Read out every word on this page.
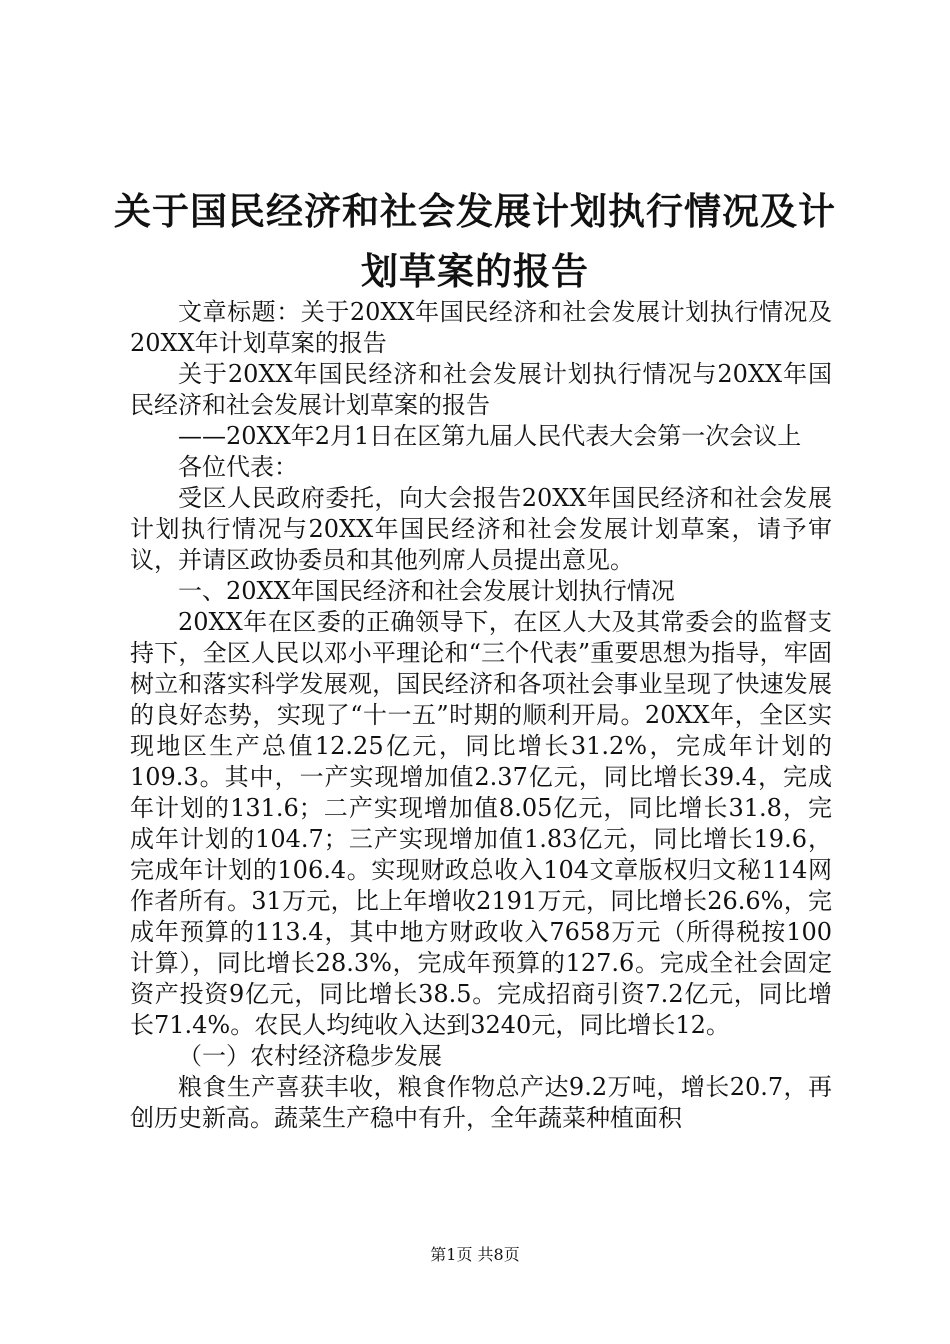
关于国民经济和社会发展计划执行情况及计划草案的报告

文章标题：关于20XX年国民经济和社会发展计划执行情况及20XX年计划草案的报告

关于20XX年国民经济和社会发展计划执行情况与20XX年国民经济和社会发展计划草案的报告

——20XX年2月1日在区第九届人民代表大会第一次会议上

各位代表：

受区人民政府委托，向大会报告20XX年国民经济和社会发展计划执行情况与20XX年国民经济和社会发展计划草案，请予审议，并请区政协委员和其他列席人员提出意见。

一、20XX年国民经济和社会发展计划执行情况

20XX年在区委的正确领导下，在区人大及其常委会的监督支持下，全区人民以邓小平理论和“三个代表”重要思想为指导，牢固树立和落实科学发展观，国民经济和各项社会事业呈现了快速发展的良好态势，实现了“十一五”时期的顺利开局。20XX年，全区实现地区生产总值12.25亿元，同比增长31.2%，完成年计划的109.3。其中，一产实现增加值2.37亿元，同比增长39.4，完成年计划的131.6；二产实现增加值8.05亿元，同比增长31.8，完成年计划的104.7；三产实现增加值1.83亿元，同比增长19.6，完成年计划的106.4。实现财政总收入104文章版权归文秘114网作者所有。31万元，比上年增收2191万元，同比增长26.6%，完成年预算的113.4，其中地方财政收入7658万元（所得税按100计算），同比增长28.3%，完成年预算的127.6。完成全社会固定资产投资9亿元，同比增长38.5。完成招商引资7.2亿元，同比增长71.4%。农民人均纯收入达到3240元，同比增长12。

（一）农村经济稳步发展

粮食生产喜获丰收，粮食作物总产达9.2万吨，增长20.7，再创历史新高。蔬菜生产稳中有升，全年蔬菜种植面积

第1页 共8页
